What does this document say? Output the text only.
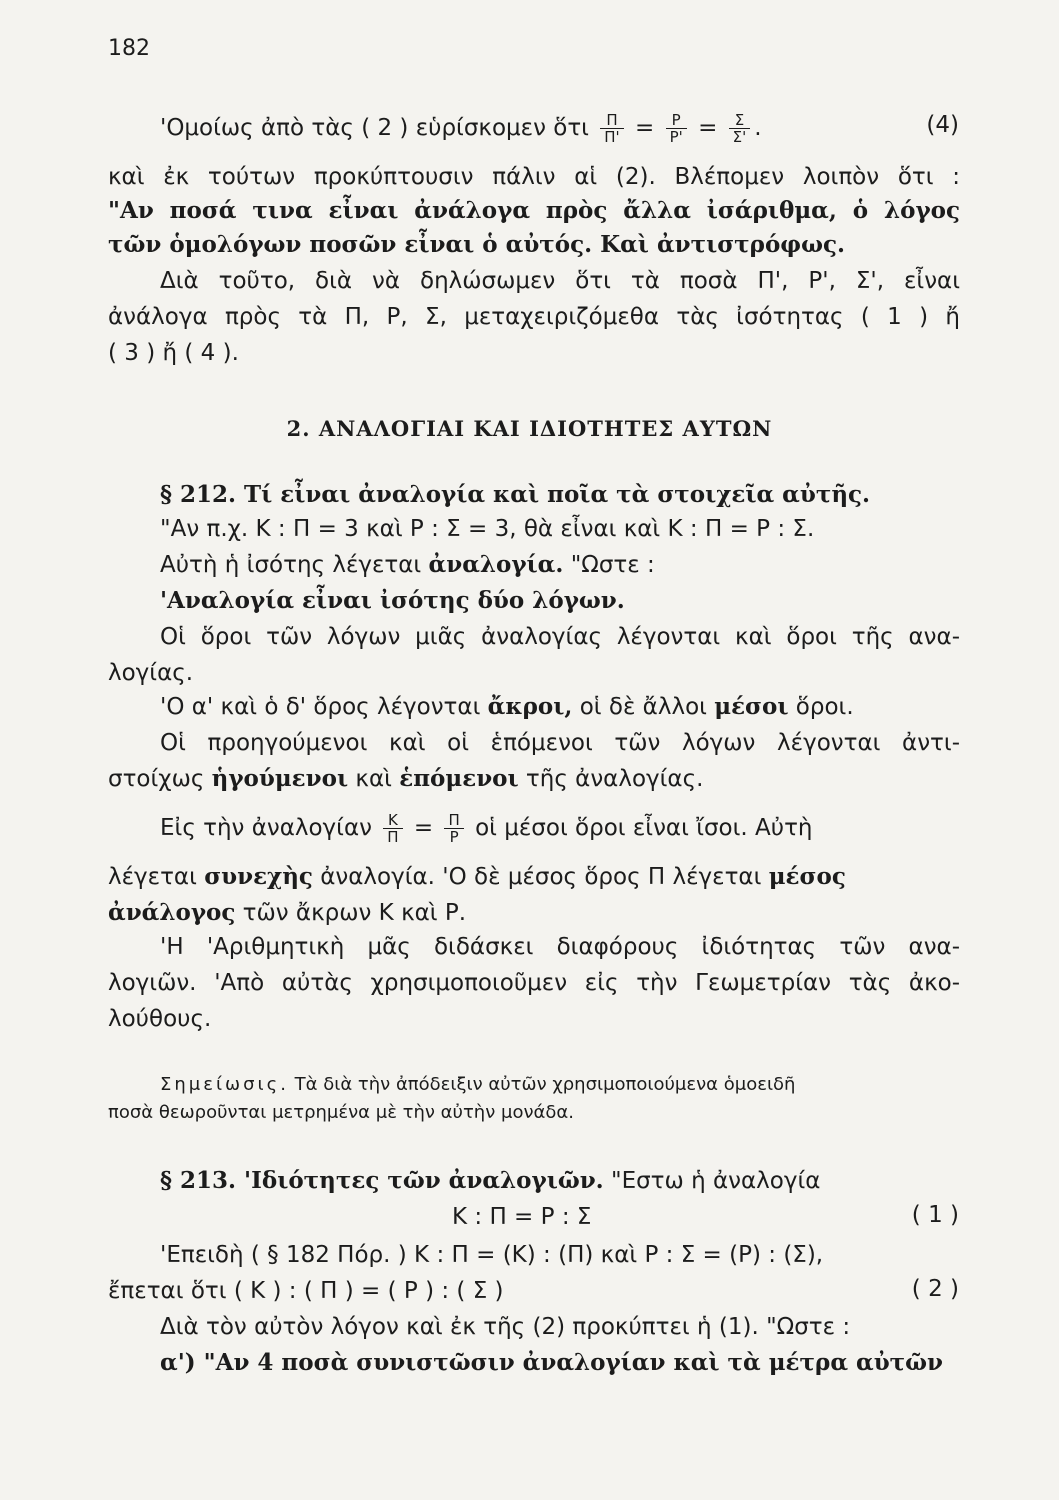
182
'Ομοίως ἀπὸ τὰς ( 2 ) εὑρίσκομεν ὅτι $\frac{\Pi}{\Pi'} = \frac{P}{P'} = \frac{\Sigma}{\Sigma'}$ .	(4)
καὶ ἐκ τούτων προκύπτουσιν πάλιν αἱ (2). Βλέπομεν λοιπὸν ὅτι :
"Αν ποσά τινα εἶναι ἀνάλογα πρὸς ἄλλα ἰσάριθμα, ὁ λόγος
τῶν ὁμολόγων ποσῶν εἶναι ὁ αὐτός. Καὶ ἀντιστρόφως.
Διὰ τοῦτο, διὰ νὰ δηλώσωμεν ὅτι τὰ ποσὰ Π', Ρ', Σ', εἶναι
ἀνάλογα πρὸς τὰ Π, Ρ, Σ, μεταχειριζόμεθα τὰς ἰσότητας ( 1 ) ἤ
( 3 ) ἤ ( 4 ).
2. ΑΝΑΛΟΓΙΑΙ ΚΑΙ ΙΔΙΟΤΗΤΕΣ ΑΥΤΩΝ
§ 212. Τί εἶναι ἀναλογία καὶ ποῖα τὰ στοιχεῖα αὐτῆς.
"Αν π.χ. Κ : Π = 3 καὶ Ρ : Σ = 3, θὰ εἶναι καὶ Κ : Π = Ρ : Σ.
Αὐτὴ ἡ ἰσότης λέγεται ἀναλογία. "Ωστε :
'Αναλογία εἶναι ἰσότης δύο λόγων.
Οἱ ὅροι τῶν λόγων μιᾶς ἀναλογίας λέγονται καὶ ὅροι τῆς ανα-
λογίας.
'Ο α' καὶ ὁ δ' ὅρος λέγονται ἄκροι, οἱ δὲ ἄλλοι μέσοι ὅροι.
Οἱ προηγούμενοι καὶ οἱ ἑπόμενοι τῶν λόγων λέγονται ἀντι-
στοίχως ἡγούμενοι καὶ ἑπόμενοι τῆς ἀναλογίας.
Εἰς τὴν ἀναλογίαν $\frac{K}{\Pi} = \frac{\Pi}{P}$ οἱ μέσοι ὅροι εἶναι ἴσοι. Αὐτὴ
λέγεται συνεχὴς ἀναλογία. 'Ο δὲ μέσος ὅρος Π λέγεται μέσος
ἀνάλογος τῶν ἄκρων Κ καὶ Ρ.
'Η 'Αριθμητικὴ μᾶς διδάσκει διαφόρους ἰδιότητας τῶν ανα-
λογιῶν. 'Απὸ αὐτὰς χρησιμοποιοῦμεν εἰς τὴν Γεωμετρίαν τὰς ἀκο-
λούθους.
Σημείωσις. Τὰ διὰ τὴν ἀπόδειξιν αὐτῶν χρησιμοποιούμενα ὁμοειδῆ
ποσὰ θεωροῦνται μετρημένα μὲ τὴν αὐτὴν μονάδα.
§ 213. 'Ιδιότητες τῶν ἀναλογιῶν. "Εστω ἡ ἀναλογία
Κ : Π = Ρ : Σ	( 1 )
'Επειδὴ ( § 182 Πόρ. ) Κ : Π = (Κ) : (Π) καὶ Ρ : Σ = (Ρ) : (Σ),
ἔπεται ὅτι ( Κ ) : ( Π ) = ( Ρ ) : ( Σ )	( 2 )
Διὰ τὸν αὐτὸν λόγον καὶ ἐκ τῆς (2) προκύπτει ἡ (1). "Ωστε :
α') "Αν 4 ποσὰ συνιστῶσιν ἀναλογίαν καὶ τὰ μέτρα αὐτῶν
